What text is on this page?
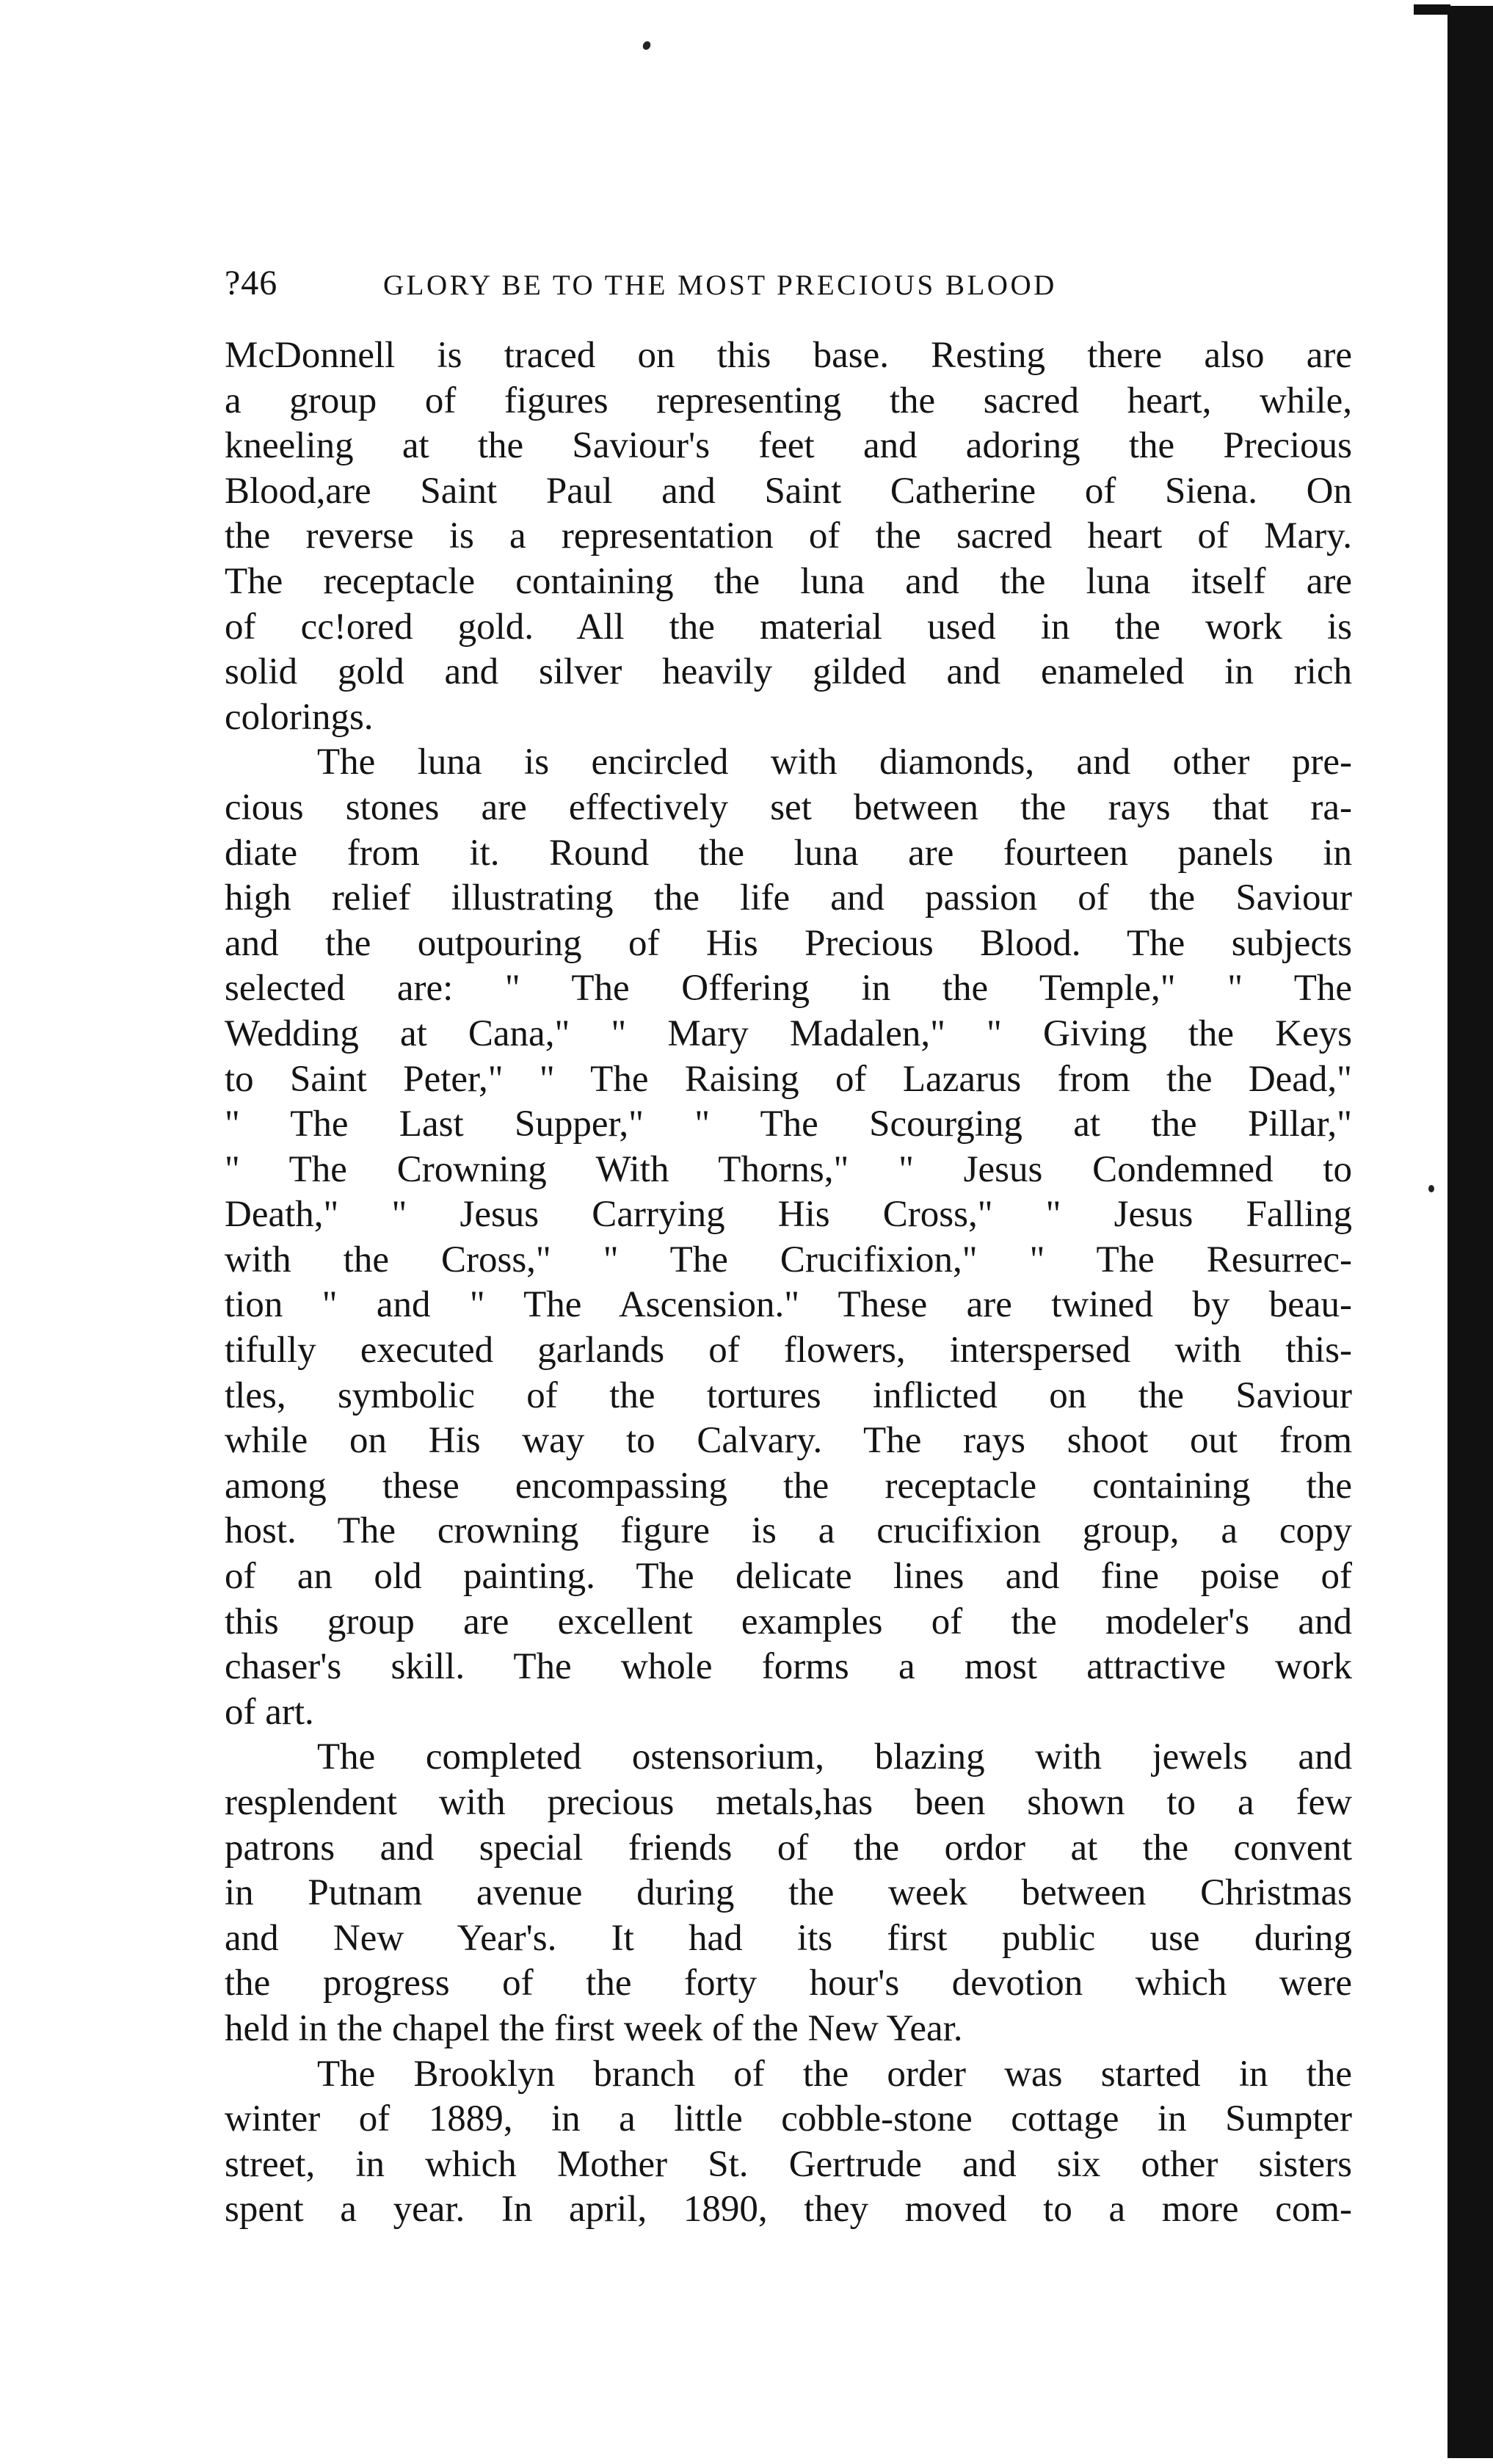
?46	GLORY BE TO THE MOST PRECIOUS BLOOD
McDonnell is traced on this base. Resting there also are
a group of figures representing the sacred heart, while,
kneeling at the Saviour's feet and adoring the Precious
Blood,are Saint Paul and Saint Catherine of Siena. On
the reverse is a representation of the sacred heart of Mary.
The receptacle containing the luna and the luna itself are
of cc!ored gold. All the material used in the work is
solid gold and silver heavily gilded and enameled in rich
colorings.
The luna is encircled with diamonds, and other pre-
cious stones are effectively set between the rays that ra-
diate from it. Round the luna are fourteen panels in
high relief illustrating the life and passion of the Saviour
and the outpouring of His Precious Blood. The subjects
selected are: " The Offering in the Temple," " The
Wedding at Cana," " Mary Madalen," " Giving the Keys
to Saint Peter," " The Raising of Lazarus from the Dead,"
" The Last Supper," " The Scourging at the Pillar,"
" The Crowning With Thorns," " Jesus Condemned to
Death," " Jesus Carrying His Cross," " Jesus Falling
with the Cross," " The Crucifixion," " The Resurrec-
tion " and " The Ascension." These are twined by beau-
tifully executed garlands of flowers, interspersed with this-
tles, symbolic of the tortures inflicted on the Saviour
while on His way to Calvary. The rays shoot out from
among these encompassing the receptacle containing the
host. The crowning figure is a crucifixion group, a copy
of an old painting. The delicate lines and fine poise of
this group are excellent examples of the modeler's and
chaser's skill. The whole forms a most attractive work
of art.
The completed ostensorium, blazing with jewels and
resplendent with precious metals,has been shown to a few
patrons and special friends of the ordor at the convent
in Putnam avenue during the week between Christmas
and New Year's. It had its first public use during
the progress of the forty hour's devotion which were
held in the chapel the first week of the New Year.
The Brooklyn branch of the order was started in the
winter of 1889, in a little cobble-stone cottage in Sumpter
street, in which Mother St. Gertrude and six other sisters
spent a year. In april, 1890, they moved to a more com-
